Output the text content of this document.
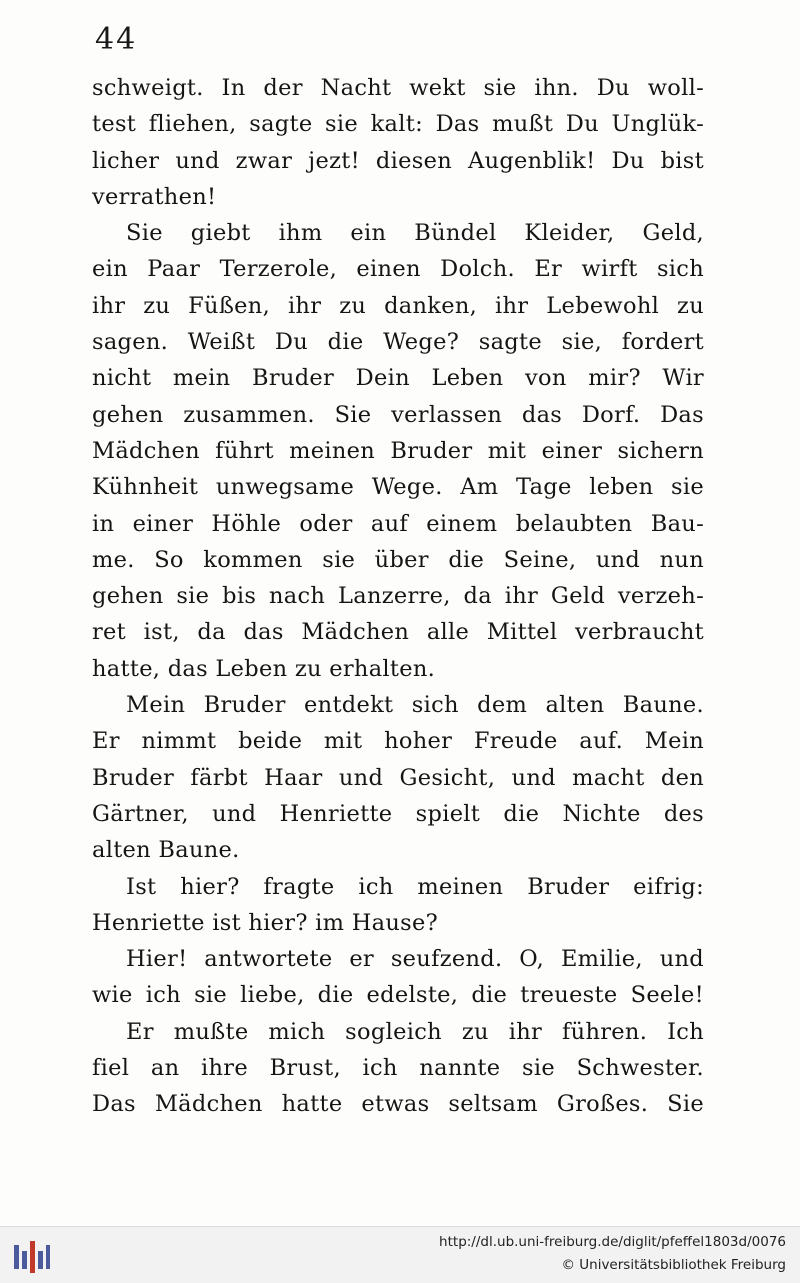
44
schweigt. In der Nacht wekt sie ihn. Du woll-
test fliehen, sagte sie kalt: Das mußt Du Unglük-
licher und zwar jezt! diesen Augenblik! Du bist
verrathen!
Sie giebt ihm ein Bündel Kleider, Geld,
ein Paar Terzerole, einen Dolch. Er wirft sich
ihr zu Füßen, ihr zu danken, ihr Lebewohl zu
sagen. Weißt Du die Wege? sagte sie, fordert
nicht mein Bruder Dein Leben von mir? Wir
gehen zusammen. Sie verlassen das Dorf. Das
Mädchen führt meinen Bruder mit einer sichern
Kühnheit unwegsame Wege. Am Tage leben sie
in einer Höhle oder auf einem belaubten Bau-
me. So kommen sie über die Seine, und nun
gehen sie bis nach Lanzerre, da ihr Geld verzeh-
ret ist, da das Mädchen alle Mittel verbraucht
hatte, das Leben zu erhalten.
Mein Bruder entdekt sich dem alten Baune.
Er nimmt beide mit hoher Freude auf. Mein
Bruder färbt Haar und Gesicht, und macht den
Gärtner, und Henriette spielt die Nichte des
alten Baune.
Ist hier? fragte ich meinen Bruder eifrig:
Henriette ist hier? im Hause?
Hier! antwortete er seufzend. O, Emilie, und
wie ich sie liebe, die edelste, die treueste Seele!
Er mußte mich sogleich zu ihr führen. Ich
fiel an ihre Brust, ich nannte sie Schwester.
Das Mädchen hatte etwas seltsam Großes. Sie
http://dl.ub.uni-freiburg.de/diglit/pfeffel1803d/0076
© Universitätsbibliothek Freiburg
